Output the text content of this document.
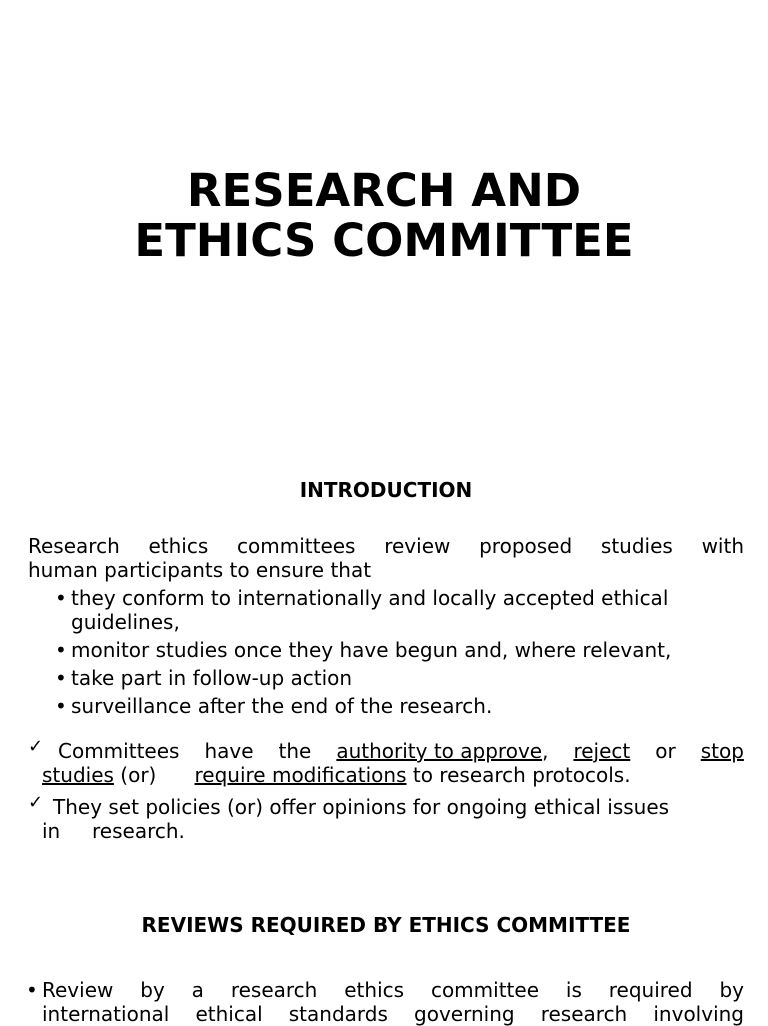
RESEARCH AND
ETHICS COMMITTEE
INTRODUCTION

Research ethics committees review proposed studies with
human participants to ensure that

• they conform to internationally and locally accepted ethical guidelines,
• monitor studies once they have begun and, where relevant,
• take part in follow-up action
• surveillance after the end of the research.
✓ Committees have the authority to approve, reject or stop
studies (or)      require modifications to research protocols.
✓ They set policies (or) offer opinions for ongoing ethical issues
in     research.
REVIEWS REQUIRED BY ETHICS COMMITTEE
• Review by a research ethics committee is required by
international ethical standards governing research involving
